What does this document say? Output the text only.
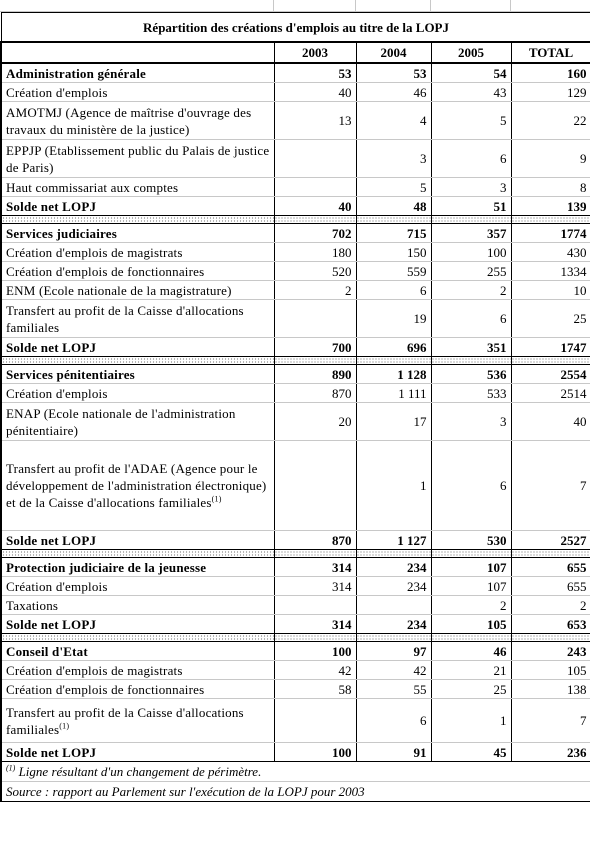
Répartition des créations d'emplois au titre de la LOPJ				
	2003	2004	2005	TOTAL
Administration générale	53	53	54	160
Création d'emplois	40	46	43	129
AMOTMJ (Agence de maîtrise d'ouvrage des travaux du ministère de la justice)	13	4	5	22
EPPJP (Etablissement public du Palais de justice de Paris)		3	6	9
Haut commissariat aux comptes		5	3	8
Solde net LOPJ	40	48	51	139

Services judiciaires	702	715	357	1774
Création d'emplois de magistrats	180	150	100	430
Création d'emplois de fonctionnaires	520	559	255	1334
ENM (Ecole nationale de la magistrature)	2	6	2	10
Transfert au profit de la Caisse d'allocations familiales		19	6	25
Solde net LOPJ	700	696	351	1747

Services pénitentiaires	890	1 128	536	2554
Création d'emplois	870	1 111	533	2514
ENAP (Ecole nationale de l'administration pénitentiaire)	20	17	3	40
Transfert au profit de l'ADAE (Agence pour le développement de l'administration électronique) et de la Caisse d'allocations familiales$^{(1)}$		1	6	7
Solde net LOPJ	870	1 127	530	2527

Protection judiciaire de la jeunesse	314	234	107	655
Création d'emplois	314	234	107	655
Taxations			2	2
Solde net LOPJ	314	234	105	653

Conseil d'Etat	100	97	46	243
Création d'emplois de magistrats	42	42	21	105
Création d'emplois de fonctionnaires	58	55	25	138
Transfert au profit de la Caisse d'allocations familiales$^{(1)}$		6	1	7
Solde net LOPJ	100	91	45	236
$^{(1)}$ Ligne résultant d'un changement de périmètre.				
Source : rapport au Parlement sur l'exécution de la LOPJ pour 2003				
